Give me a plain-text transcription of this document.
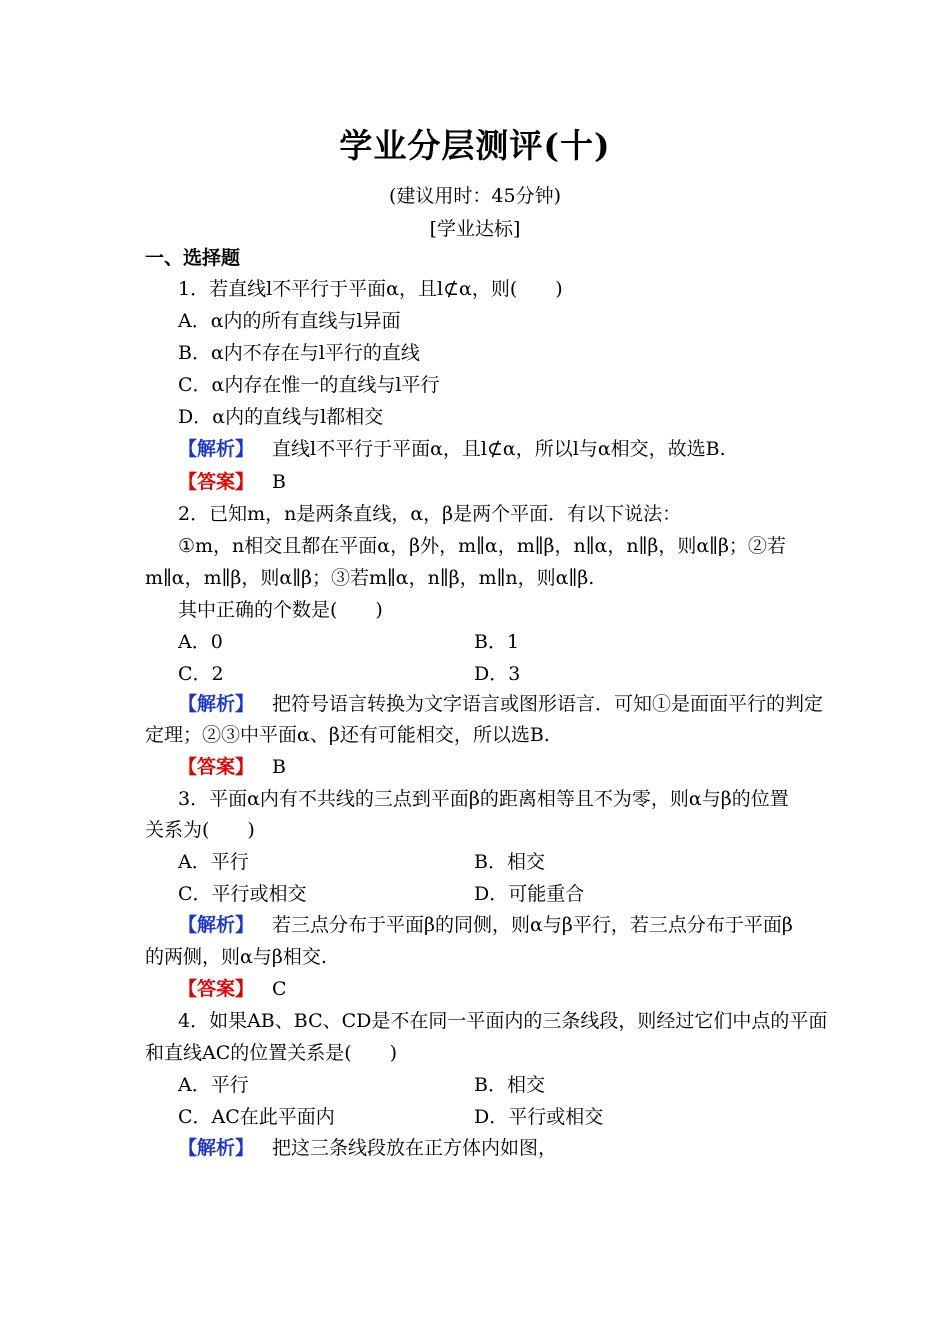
学业分层测评(十)
(建议用时：45分钟)
[学业达标]
一、选择题
1．若直线l不平行于平面α，且l⊄α，则(　　)
A．α内的所有直线与l异面
B．α内不存在与l平行的直线
C．α内存在惟一的直线与l平行
D．α内的直线与l都相交
【解析】 直线l不平行于平面α，且l⊄α，所以l与α相交，故选B.
【答案】 B
2．已知m，n是两条直线，α，β是两个平面．有以下说法：
①m，n相交且都在平面α，β外，m∥α，m∥β，n∥α，n∥β，则α∥β；②若
m∥α，m∥β，则α∥β；③若m∥α，n∥β，m∥n，则α∥β.
其中正确的个数是(　　)
A．0	B．1
C．2	D．3
【解析】 把符号语言转换为文字语言或图形语言．可知①是面面平行的判定
定理；②③中平面α、β还有可能相交，所以选B.
【答案】 B
3．平面α内有不共线的三点到平面β的距离相等且不为零，则α与β的位置
关系为(　　)
A．平行	B．相交
C．平行或相交	D．可能重合
【解析】 若三点分布于平面β的同侧，则α与β平行，若三点分布于平面β
的两侧，则α与β相交.
【答案】 C
4．如果AB、BC、CD是不在同一平面内的三条线段，则经过它们中点的平面
和直线AC的位置关系是(　　)
A．平行	B．相交
C．AC在此平面内	D．平行或相交
【解析】 把这三条线段放在正方体内如图，
